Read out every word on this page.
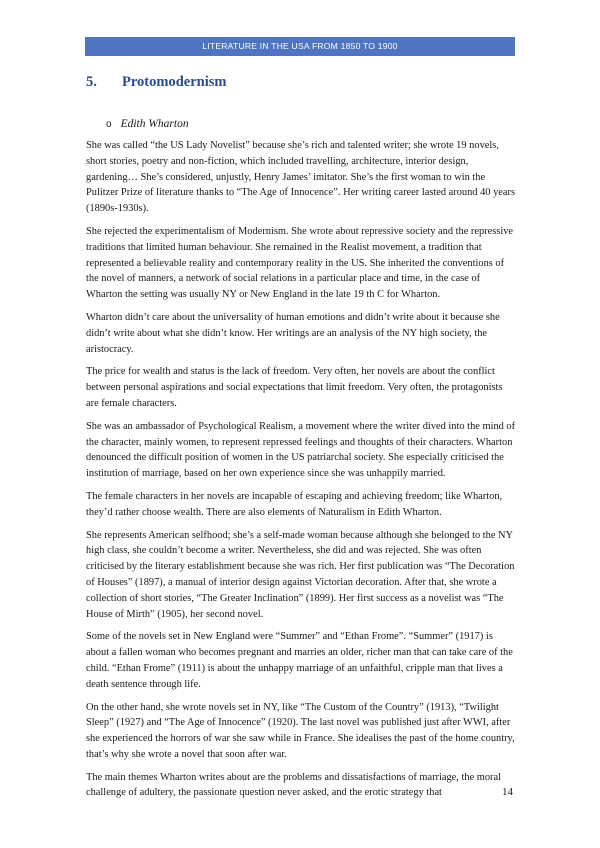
LITERATURE IN THE USA FROM 1850 TO 1900
5. Protomodernism
o Edith Wharton

She was called “the US Lady Novelist” because she’s rich and talented writer; she wrote 19 novels, short stories, poetry and non-fiction, which included travelling, architecture, interior design, gardening… She’s considered, unjustly, Henry James’ imitator. She’s the first woman to win the Pulitzer Prize of literature thanks to “The Age of Innocence”. Her writing career lasted around 40 years (1890s-1930s).

She rejected the experimentalism of Modernism. She wrote about repressive society and the repressive traditions that limited human behaviour. She remained in the Realist movement, a tradition that represented a believable reality and contemporary reality in the US. She inherited the conventions of the novel of manners, a network of social relations in a particular place and time, in the case of Wharton the setting was usually NY or New England in the late 19 th C for Wharton.

Wharton didn’t care about the universality of human emotions and didn’t write about it because she didn’t write about what she didn’t know. Her writings are an analysis of the NY high society, the aristocracy.

The price for wealth and status is the lack of freedom. Very often, her novels are about the conflict between personal aspirations and social expectations that limit freedom. Very often, the protagonists are female characters.

She was an ambassador of Psychological Realism, a movement where the writer dived into the mind of the character, mainly women, to represent repressed feelings and thoughts of their characters. Wharton denounced the difficult position of women in the US patriarchal society. She especially criticised the institution of marriage, based on her own experience since she was unhappily married.

The female characters in her novels are incapable of escaping and achieving freedom; like Wharton, they’d rather choose wealth. There are also elements of Naturalism in Edith Wharton.

She represents American selfhood; she’s a self-made woman because although she belonged to the NY high class, she couldn’t become a writer. Nevertheless, she did and was rejected. She was often criticised by the literary establishment because she was rich. Her first publication was “The Decoration of Houses” (1897), a manual of interior design against Victorian decoration. After that, she wrote a collection of short stories, “The Greater Inclination” (1899). Her first success as a novelist was “The House of Mirth” (1905), her second novel.

Some of the novels set in New England were “Summer” and “Ethan Frome”. “Summer” (1917) is about a fallen woman who becomes pregnant and marries an older, richer man that can take care of the child. “Ethan Frome” (1911) is about the unhappy marriage of an unfaithful, cripple man that lives a death sentence through life.

On the other hand, she wrote novels set in NY, like “The Custom of the Country” (1913), “Twilight Sleep” (1927) and “The Age of Innocence” (1920). The last novel was published just after WWI, after she experienced the horrors of war she saw while in France. She idealises the past of the home country, that’s why she wrote a novel that soon after war.

The main themes Wharton writes about are the problems and dissatisfactions of marriage, the moral challenge of adultery, the passionate question never asked, and the erotic strategy that	14
